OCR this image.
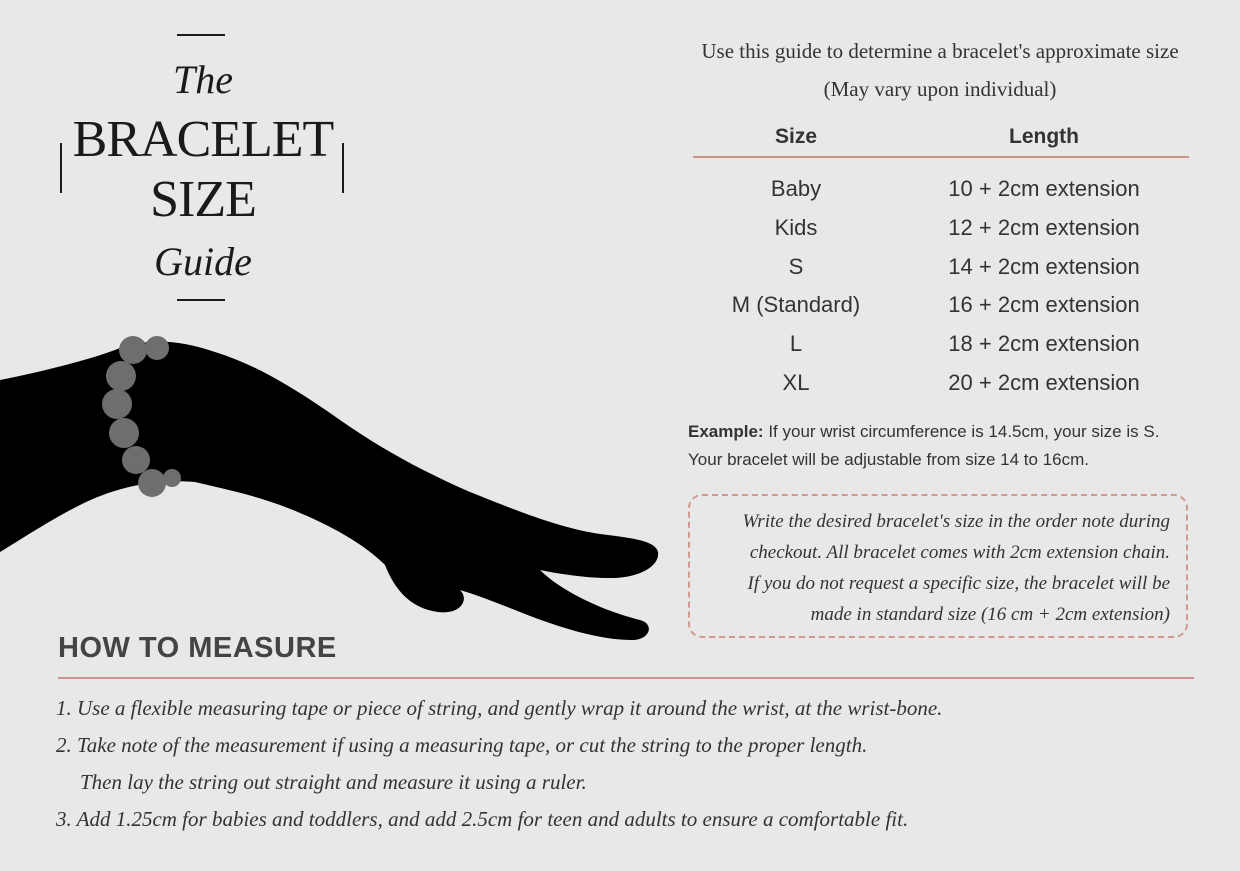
The
BRACELET
SIZE
Guide
Use this guide to determine a bracelet's approximate size
(May vary upon individual)
Size	Length
Baby	10 + 2cm extension
Kids	12 + 2cm extension
S	14 + 2cm extension
M (Standard)	16 + 2cm extension
L	18 + 2cm extension
XL	20 + 2cm extension
Example: If your wrist circumference is 14.5cm, your size is S.
Your bracelet will be adjustable from size 14 to 16cm.
Write the desired bracelet's size in the order note during
checkout. All bracelet comes with 2cm extension chain.
If you do not request a specific size, the bracelet will be
made in standard size (16 cm + 2cm extension)
HOW TO MEASURE
1. Use a flexible measuring tape or piece of string, and gently wrap it around the wrist, at the wrist-bone.
2. Take note of the measurement if using a measuring tape, or cut the string to the proper length.
Then lay the string out straight and measure it using a ruler.
3. Add 1.25cm for babies and toddlers, and add 2.5cm for teen and adults to ensure a comfortable fit.
